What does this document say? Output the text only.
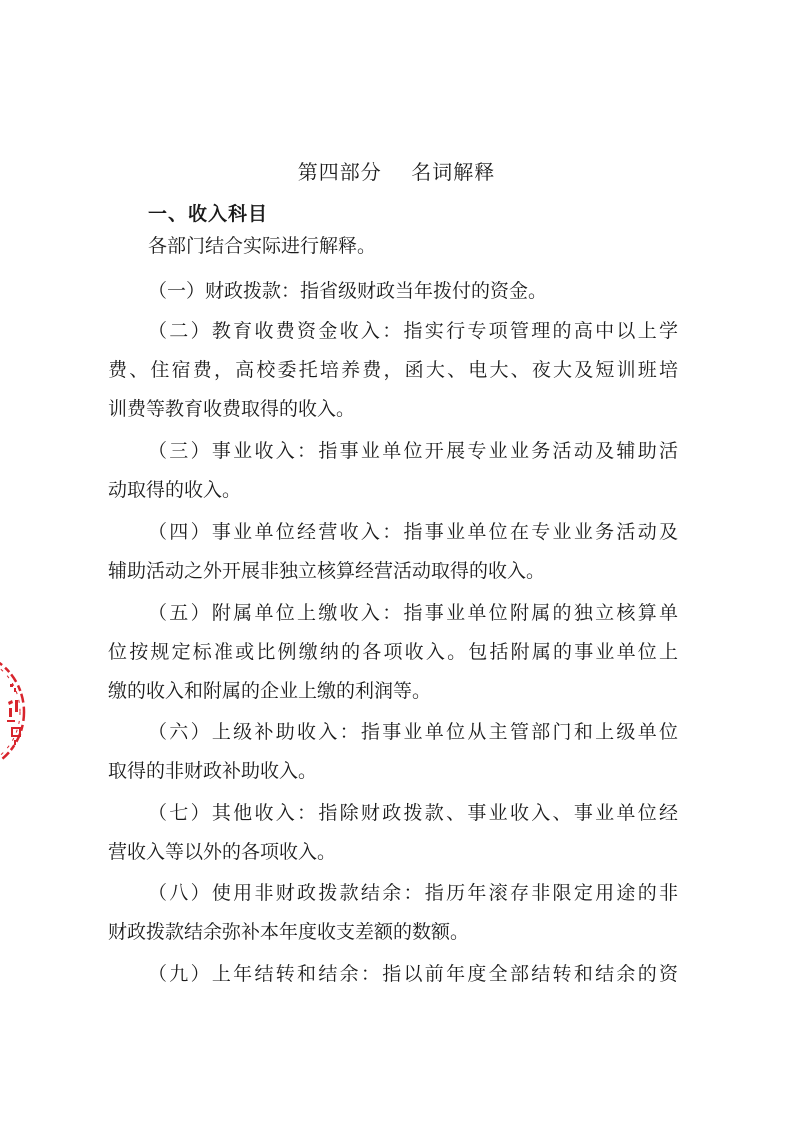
第四部分    名词解释
一、收入科目
各部门结合实际进行解释。
（一）财政拨款：指省级财政当年拨付的资金。
（二）教育收费资金收入：指实行专项管理的高中以上学
费、住宿费，高校委托培养费，函大、电大、夜大及短训班培
训费等教育收费取得的收入。
（三）事业收入：指事业单位开展专业业务活动及辅助活
动取得的收入。
（四）事业单位经营收入：指事业单位在专业业务活动及
辅助活动之外开展非独立核算经营活动取得的收入。
（五）附属单位上缴收入：指事业单位附属的独立核算单
位按规定标准或比例缴纳的各项收入。包括附属的事业单位上
缴的收入和附属的企业上缴的利润等。
（六）上级补助收入：指事业单位从主管部门和上级单位
取得的非财政补助收入。
（七）其他收入：指除财政拨款、事业收入、事业单位经
营收入等以外的各项收入。
（八）使用非财政拨款结余：指历年滚存非限定用途的非
财政拨款结余弥补本年度收支差额的数额。
（九）上年结转和结余：指以前年度全部结转和结余的资
